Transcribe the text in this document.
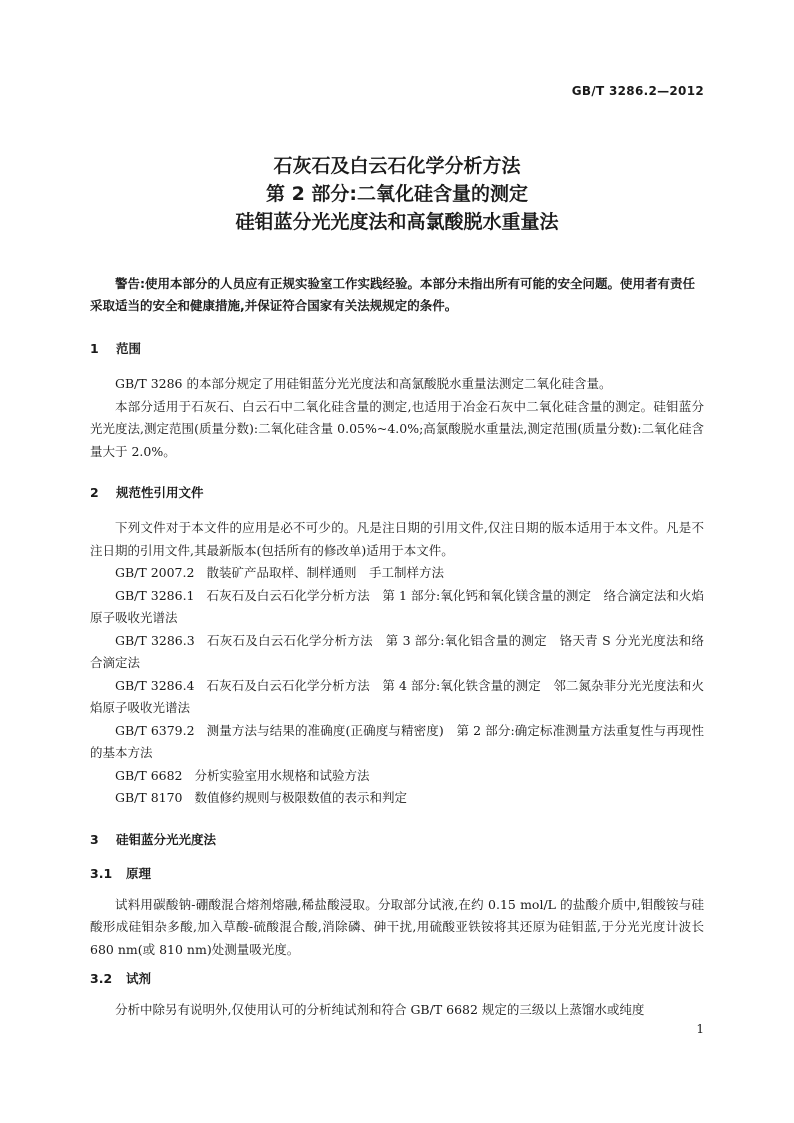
GB/T 3286.2—2012
石灰石及白云石化学分析方法
第 2 部分:二氧化硅含量的测定
硅钼蓝分光光度法和高氯酸脱水重量法

警告:使用本部分的人员应有正规实验室工作实践经验。本部分未指出所有可能的安全问题。使用者有责任采取适当的安全和健康措施,并保证符合国家有关法规规定的条件。

1 范围

GB/T 3286 的本部分规定了用硅钼蓝分光光度法和高氯酸脱水重量法测定二氧化硅含量。

本部分适用于石灰石、白云石中二氧化硅含量的测定,也适用于冶金石灰中二氧化硅含量的测定。硅钼蓝分光光度法,测定范围(质量分数):二氧化硅含量 0.05%~4.0%;高氯酸脱水重量法,测定范围(质量分数):二氧化硅含量大于 2.0%。

2 规范性引用文件

下列文件对于本文件的应用是必不可少的。凡是注日期的引用文件,仅注日期的版本适用于本文件。凡是不注日期的引用文件,其最新版本(包括所有的修改单)适用于本文件。

GB/T 2007.2 散装矿产品取样、制样通则　手工制样方法

GB/T 3286.1 石灰石及白云石化学分析方法　第 1 部分:氧化钙和氧化镁含量的测定　络合滴定法和火焰原子吸收光谱法

GB/T 3286.3 石灰石及白云石化学分析方法　第 3 部分:氧化铝含量的测定　铬天青 S 分光光度法和络合滴定法

GB/T 3286.4 石灰石及白云石化学分析方法　第 4 部分:氧化铁含量的测定　邻二氮杂菲分光光度法和火焰原子吸收光谱法

GB/T 6379.2 测量方法与结果的准确度(正确度与精密度)　第 2 部分:确定标准测量方法重复性与再现性的基本方法

GB/T 6682 分析实验室用水规格和试验方法

GB/T 8170 数值修约规则与极限数值的表示和判定

3 硅钼蓝分光光度法

3.1 原理

试料用碳酸钠-硼酸混合熔剂熔融,稀盐酸浸取。分取部分试液,在约 0.15 mol/L 的盐酸介质中,钼酸铵与硅酸形成硅钼杂多酸,加入草酸-硫酸混合酸,消除磷、砷干扰,用硫酸亚铁铵将其还原为硅钼蓝,于分光光度计波长 680 nm(或 810 nm)处测量吸光度。

3.2 试剂

分析中除另有说明外,仅使用认可的分析纯试剂和符合 GB/T 6682 规定的三级以上蒸馏水或纯度

1
